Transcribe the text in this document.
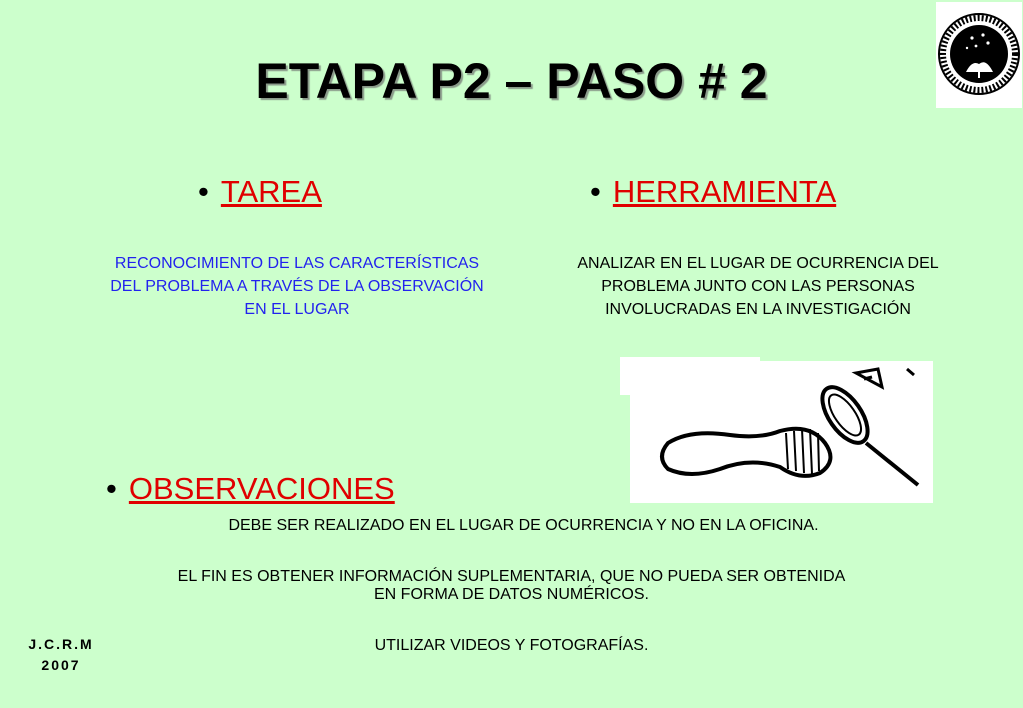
ETAPA P2 – PASO # 2
• TAREA
RECONOCIMIENTO DE LAS CARACTERÍSTICAS DEL PROBLEMA A TRAVÉS DE LA OBSERVACIÓN EN EL LUGAR
• HERRAMIENTA
ANALIZAR EN EL LUGAR DE OCURRENCIA DEL PROBLEMA JUNTO CON LAS PERSONAS INVOLUCRADAS EN LA INVESTIGACIÓN
• OBSERVACIONES
DEBE SER REALIZADO EN EL LUGAR DE OCURRENCIA Y NO EN LA OFICINA.
EL FIN ES OBTENER INFORMACIÓN SUPLEMENTARIA, QUE NO PUEDA SER OBTENIDA
EN FORMA DE DATOS NUMÉRICOS.
UTILIZAR VIDEOS Y FOTOGRAFÍAS.
J.C.R.M
2007
